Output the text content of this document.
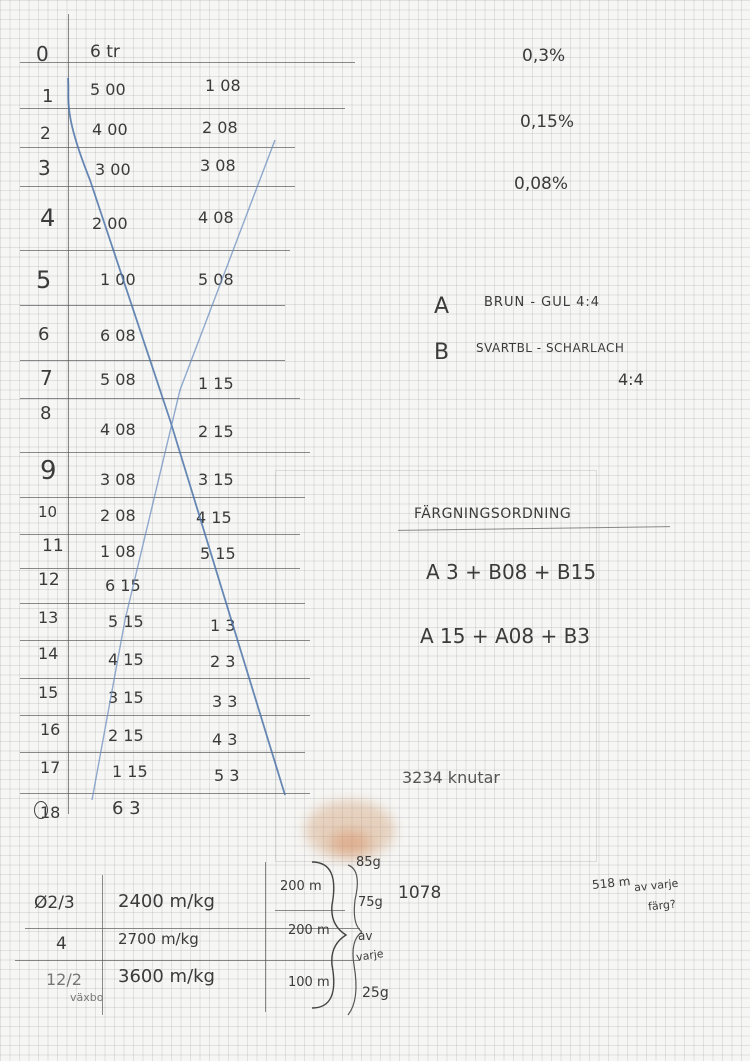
0
1
2
3
4
5
6
7
8
9
10
11
12
13
14
15
16
17
18
6 tr
5 00
4 00
3 00
2 00
1 00
6 08
5 08
4 08
3 08
2 08
1 08
6 15
5 15
4 15
3 15
2 15
1 15
6 3
1 08
2 08
3 08
4 08
5 08
1 15
2 15
3 15
4 15
5 15
1 3
2 3
3 3
4 3
5 3
0,3%
0,15%
0,08%
A	BRUN - GUL 4:4
B SVARTBL - SCHARLACH
4:4
FÄRGNINGSORDNING
A 3 + B08 + B15
A 15 + A08 + B3
3234 knutar
518 m av varje
färg?
Ø2/3
4
12/2
växbo
2400 m/kg
2700 m/kg
3600 m/kg
200 m
200 m
100 m
85g
75g
av
varje
25g
1078
